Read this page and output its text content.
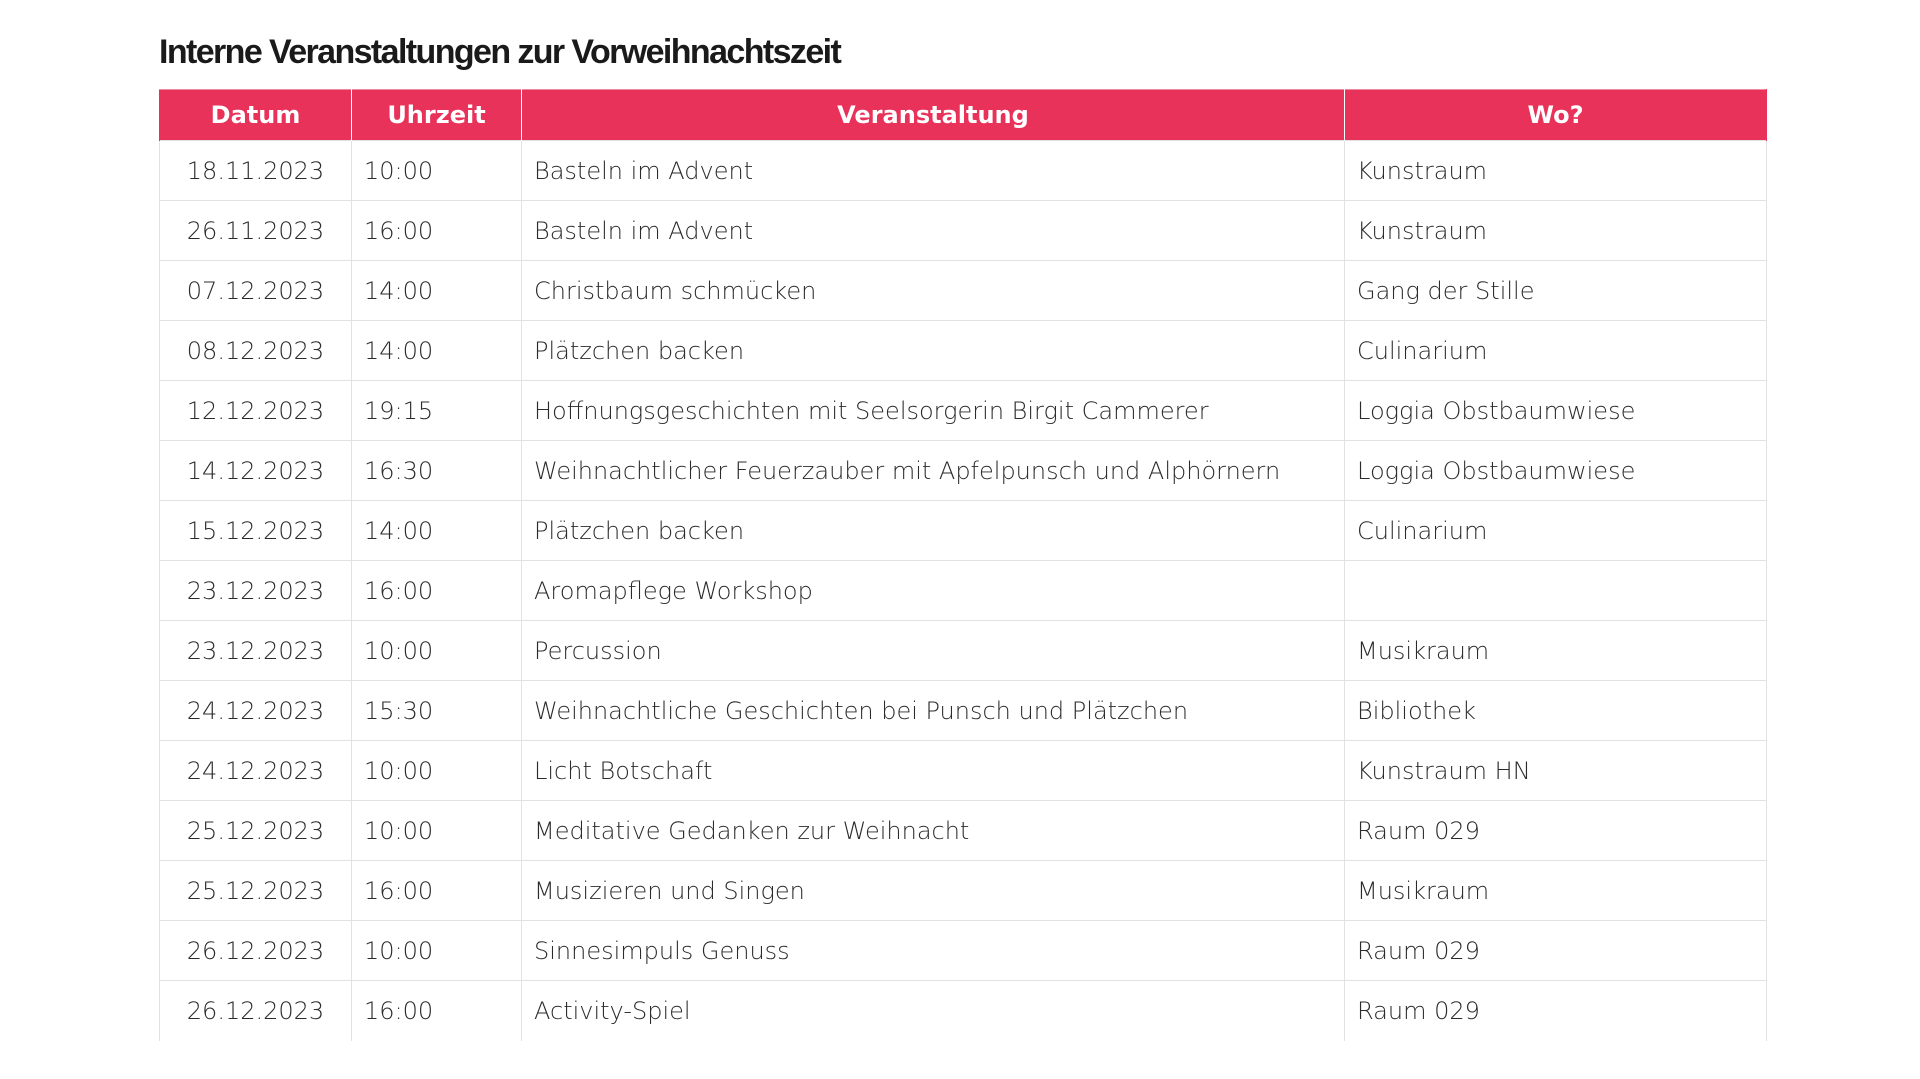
Interne Veranstaltungen zur Vorweihnachtszeit
Datum	Uhrzeit	Veranstaltung	Wo?
18.11.2023	10:00	Basteln im Advent	Kunstraum
26.11.2023	16:00	Basteln im Advent	Kunstraum
07.12.2023	14:00	Christbaum schmücken	Gang der Stille
08.12.2023	14:00	Plätzchen backen	Culinarium
12.12.2023	19:15	Hoffnungsgeschichten mit Seelsorgerin Birgit Cammerer	Loggia Obstbaumwiese
14.12.2023	16:30	Weihnachtlicher Feuerzauber mit Apfelpunsch und Alphörnern	Loggia Obstbaumwiese
15.12.2023	14:00	Plätzchen backen	Culinarium
23.12.2023	16:00	Aromapflege Workshop	
23.12.2023	10:00	Percussion	Musikraum
24.12.2023	15:30	Weihnachtliche Geschichten bei Punsch und Plätzchen	Bibliothek
24.12.2023	10:00	Licht Botschaft	Kunstraum HN
25.12.2023	10:00	Meditative Gedanken zur Weihnacht	Raum 029
25.12.2023	16:00	Musizieren und Singen	Musikraum
26.12.2023	10:00	Sinnesimpuls Genuss	Raum 029
26.12.2023	16:00	Activity-Spiel	Raum 029
